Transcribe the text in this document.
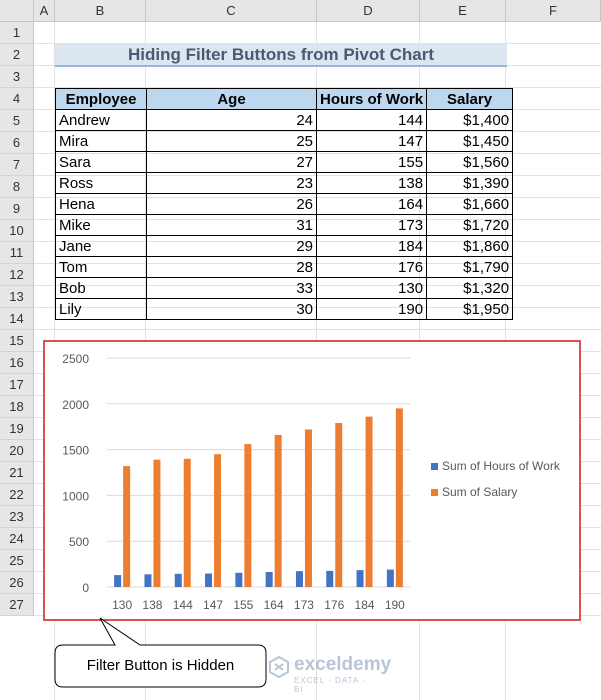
A	B	C	D	E	F
1
2
3
4
5
6
7
8
9
10
11
12
13
14
15
16
17
18
19
20
21
22
23
24
25
26
27
Hiding Filter Buttons from Pivot Chart
Employee	Age	Hours of Work	Salary
Andrew	24	144	$1,400
Mira	25	147	$1,450
Sara	27	155	$1,560
Ross	23	138	$1,390
Hena	26	164	$1,660
Mike	31	173	$1,720
Jane	29	184	$1,860
Tom	28	176	$1,790
Bob	33	130	$1,320
Lily	30	190	$1,950
0
500
1000
1500
2000
2500
130 138 144 147 155 164 173 176 184 190
Sum of Hours of Work
Sum of Salary
Filter Button is Hidden	exceldemy
EXCEL · DATA · BI
